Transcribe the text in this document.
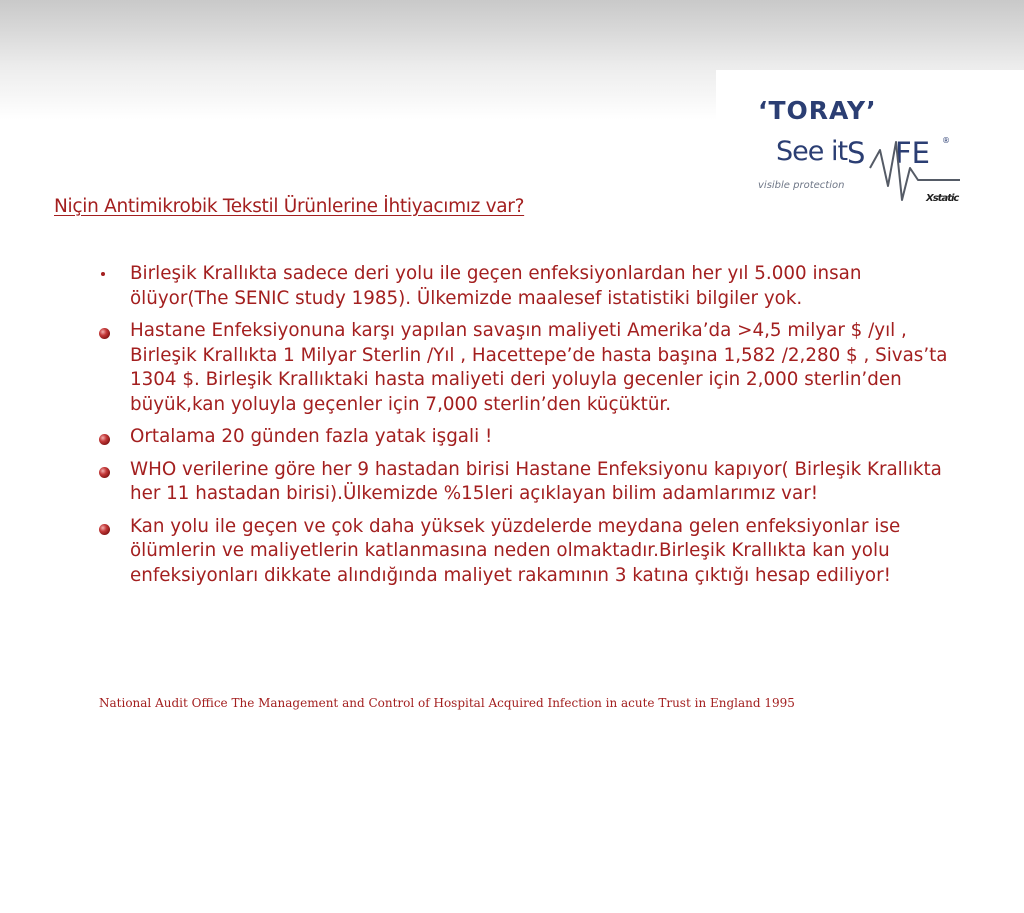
‘TORAY’
See it S FE ®
visible protection
Xstatic
Niçin Antimikrobik Tekstil Ürünlerine İhtiyacımız var?
Birleşik Krallıkta sadece deri yolu ile geçen enfeksiyonlardan her yıl 5.000 insan ölüyor(The SENIC study 1985). Ülkemizde maalesef istatistiki bilgiler yok.
Hastane Enfeksiyonuna karşı yapılan savaşın maliyeti Amerika’da >4,5 milyar $ /yıl , Birleşik Krallıkta 1 Milyar Sterlin /Yıl , Hacettepe’de hasta başına 1,582 /2,280 $ , Sivas’ta 1304 $. Birleşik Krallıktaki hasta maliyeti deri yoluyla gecenler için 2,000 sterlin’den büyük,kan yoluyla geçenler için 7,000 sterlin’den küçüktür.
Ortalama 20 günden fazla yatak işgali !
WHO verilerine göre her 9 hastadan birisi Hastane Enfeksiyonu kapıyor( Birleşik Krallıkta her 11 hastadan birisi).Ülkemizde %15leri açıklayan bilim adamlarımız var!
Kan yolu ile geçen ve çok daha yüksek yüzdelerde meydana gelen enfeksiyonlar ise ölümlerin ve maliyetlerin katlanmasına neden olmaktadır.Birleşik Krallıkta kan yolu enfeksiyonları dikkate alındığında maliyet rakamının 3 katına çıktığı hesap ediliyor!
National Audit Office The Management and Control of Hospital Acquired Infection in acute Trust in England 1995
